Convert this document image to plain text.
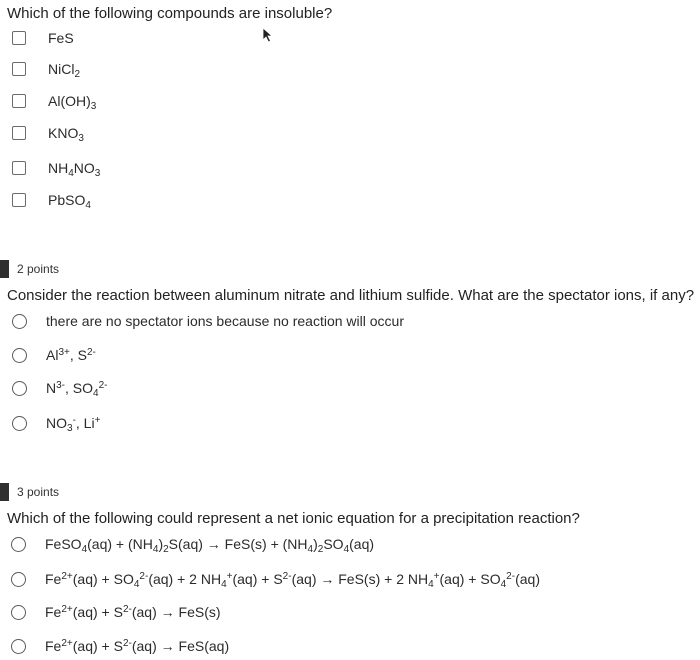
Which of the following compounds are insoluble?
FeS
NiCl$_2$
$Al(OH)_3$
$KNO_3$
$NH_4NO_3$
PbSO$_4$
2 points
Consider the reaction between aluminum nitrate and lithium sulfide. What are the spectator ions, if any?
there are no spectator ions because no reaction will occur
$Al^{3+}$, $S^{2-}$
$N^{3-}$, $SO_4^{2-}$
$NO_3^-$, Li+
3 points
Which of the following could represent a net ionic equation for a precipitation reaction?
FeSO$_4$(aq) + $(NH_4)_2S(aq) \to FeS(s) + (NH_4)_2SO_4(aq)$
$Fe^{2+}(aq) + SO_4^{2-}(aq) + 2$ $NH_4^+(aq) + S^{2-}(aq) \to FeS(s) + 2$ $NH_4^+(aq) + SO_4^{2-}(aq)$
$Fe^{2+}(aq) + S^{2-}(aq) \to FeS(s)$
$Fe^{2+}(aq) + S^{2-}(aq) \to FeS(aq)$
